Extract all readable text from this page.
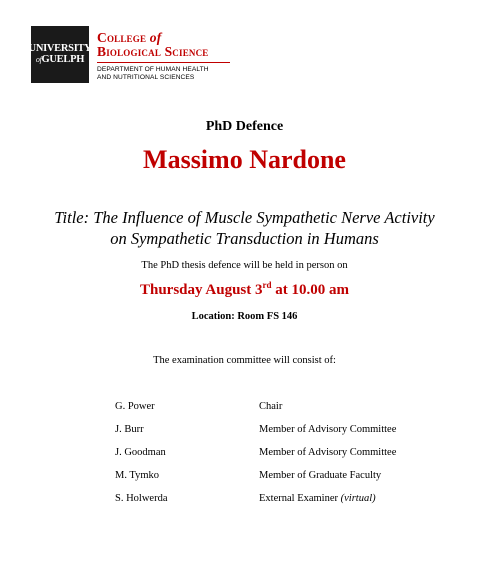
UNIVERSITY
ofGUELPH
College of
Biological Science
DEPARTMENT OF HUMAN HEALTH
AND NUTRITIONAL SCIENCES
PhD Defence
Massimo Nardone
Title: The Influence of Muscle Sympathetic Nerve Activity
on Sympathetic Transduction in Humans
The PhD thesis defence will be held in person on
Thursday August 3rd at 10.00 am
Location: Room FS 146
The examination committee will consist of:
G. Power	Chair
J. Burr	Member of Advisory Committee
J. Goodman	Member of Advisory Committee
M. Tymko	Member of Graduate Faculty
S. Holwerda	External Examiner (virtual)
